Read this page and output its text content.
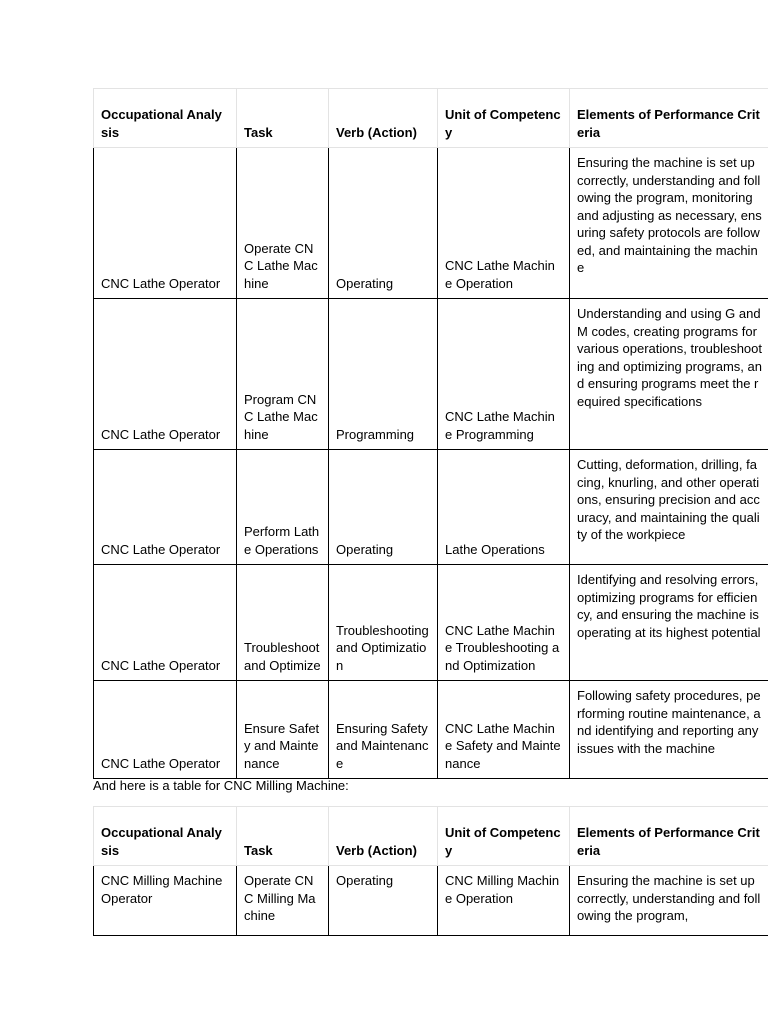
Occupational Analysis	Task	Verb (Action)	Unit of Competency	Elements of Performance Criteria
CNC Lathe Operator	Operate CNC Lathe Machine	Operating	CNC Lathe Machine Operation	Ensuring the machine is set up correctly, understanding and following the program, monitoring and adjusting as necessary, ensuring safety protocols are followed, and maintaining the machine
CNC Lathe Operator	Program CNC Lathe Machine	Programming	CNC Lathe Machine Programming	Understanding and using G and M codes, creating programs for various operations, troubleshooting and optimizing programs, and ensuring programs meet the required specifications
CNC Lathe Operator	Perform Lathe Operations	Operating	Lathe Operations	Cutting, deformation, drilling, facing, knurling, and other operations, ensuring precision and accuracy, and maintaining the quality of the workpiece
CNC Lathe Operator	Troubleshoot and Optimize	Troubleshooting and Optimization	CNC Lathe Machine Troubleshooting and Optimization	Identifying and resolving errors, optimizing programs for efficiency, and ensuring the machine is operating at its highest potential
CNC Lathe Operator	Ensure Safety and Maintenance	Ensuring Safety and Maintenance	CNC Lathe Machine Safety and Maintenance	Following safety procedures, performing routine maintenance, and identifying and reporting any issues with the machine
And here is a table for CNC Milling Machine:
Occupational Analysis	Task	Verb (Action)	Unit of Competency	Elements of Performance Criteria
CNC Milling Machine Operator	Operate CNC Milling Machine	Operating	CNC Milling Machine Operation	Ensuring the machine is set up correctly, understanding and following the program,
